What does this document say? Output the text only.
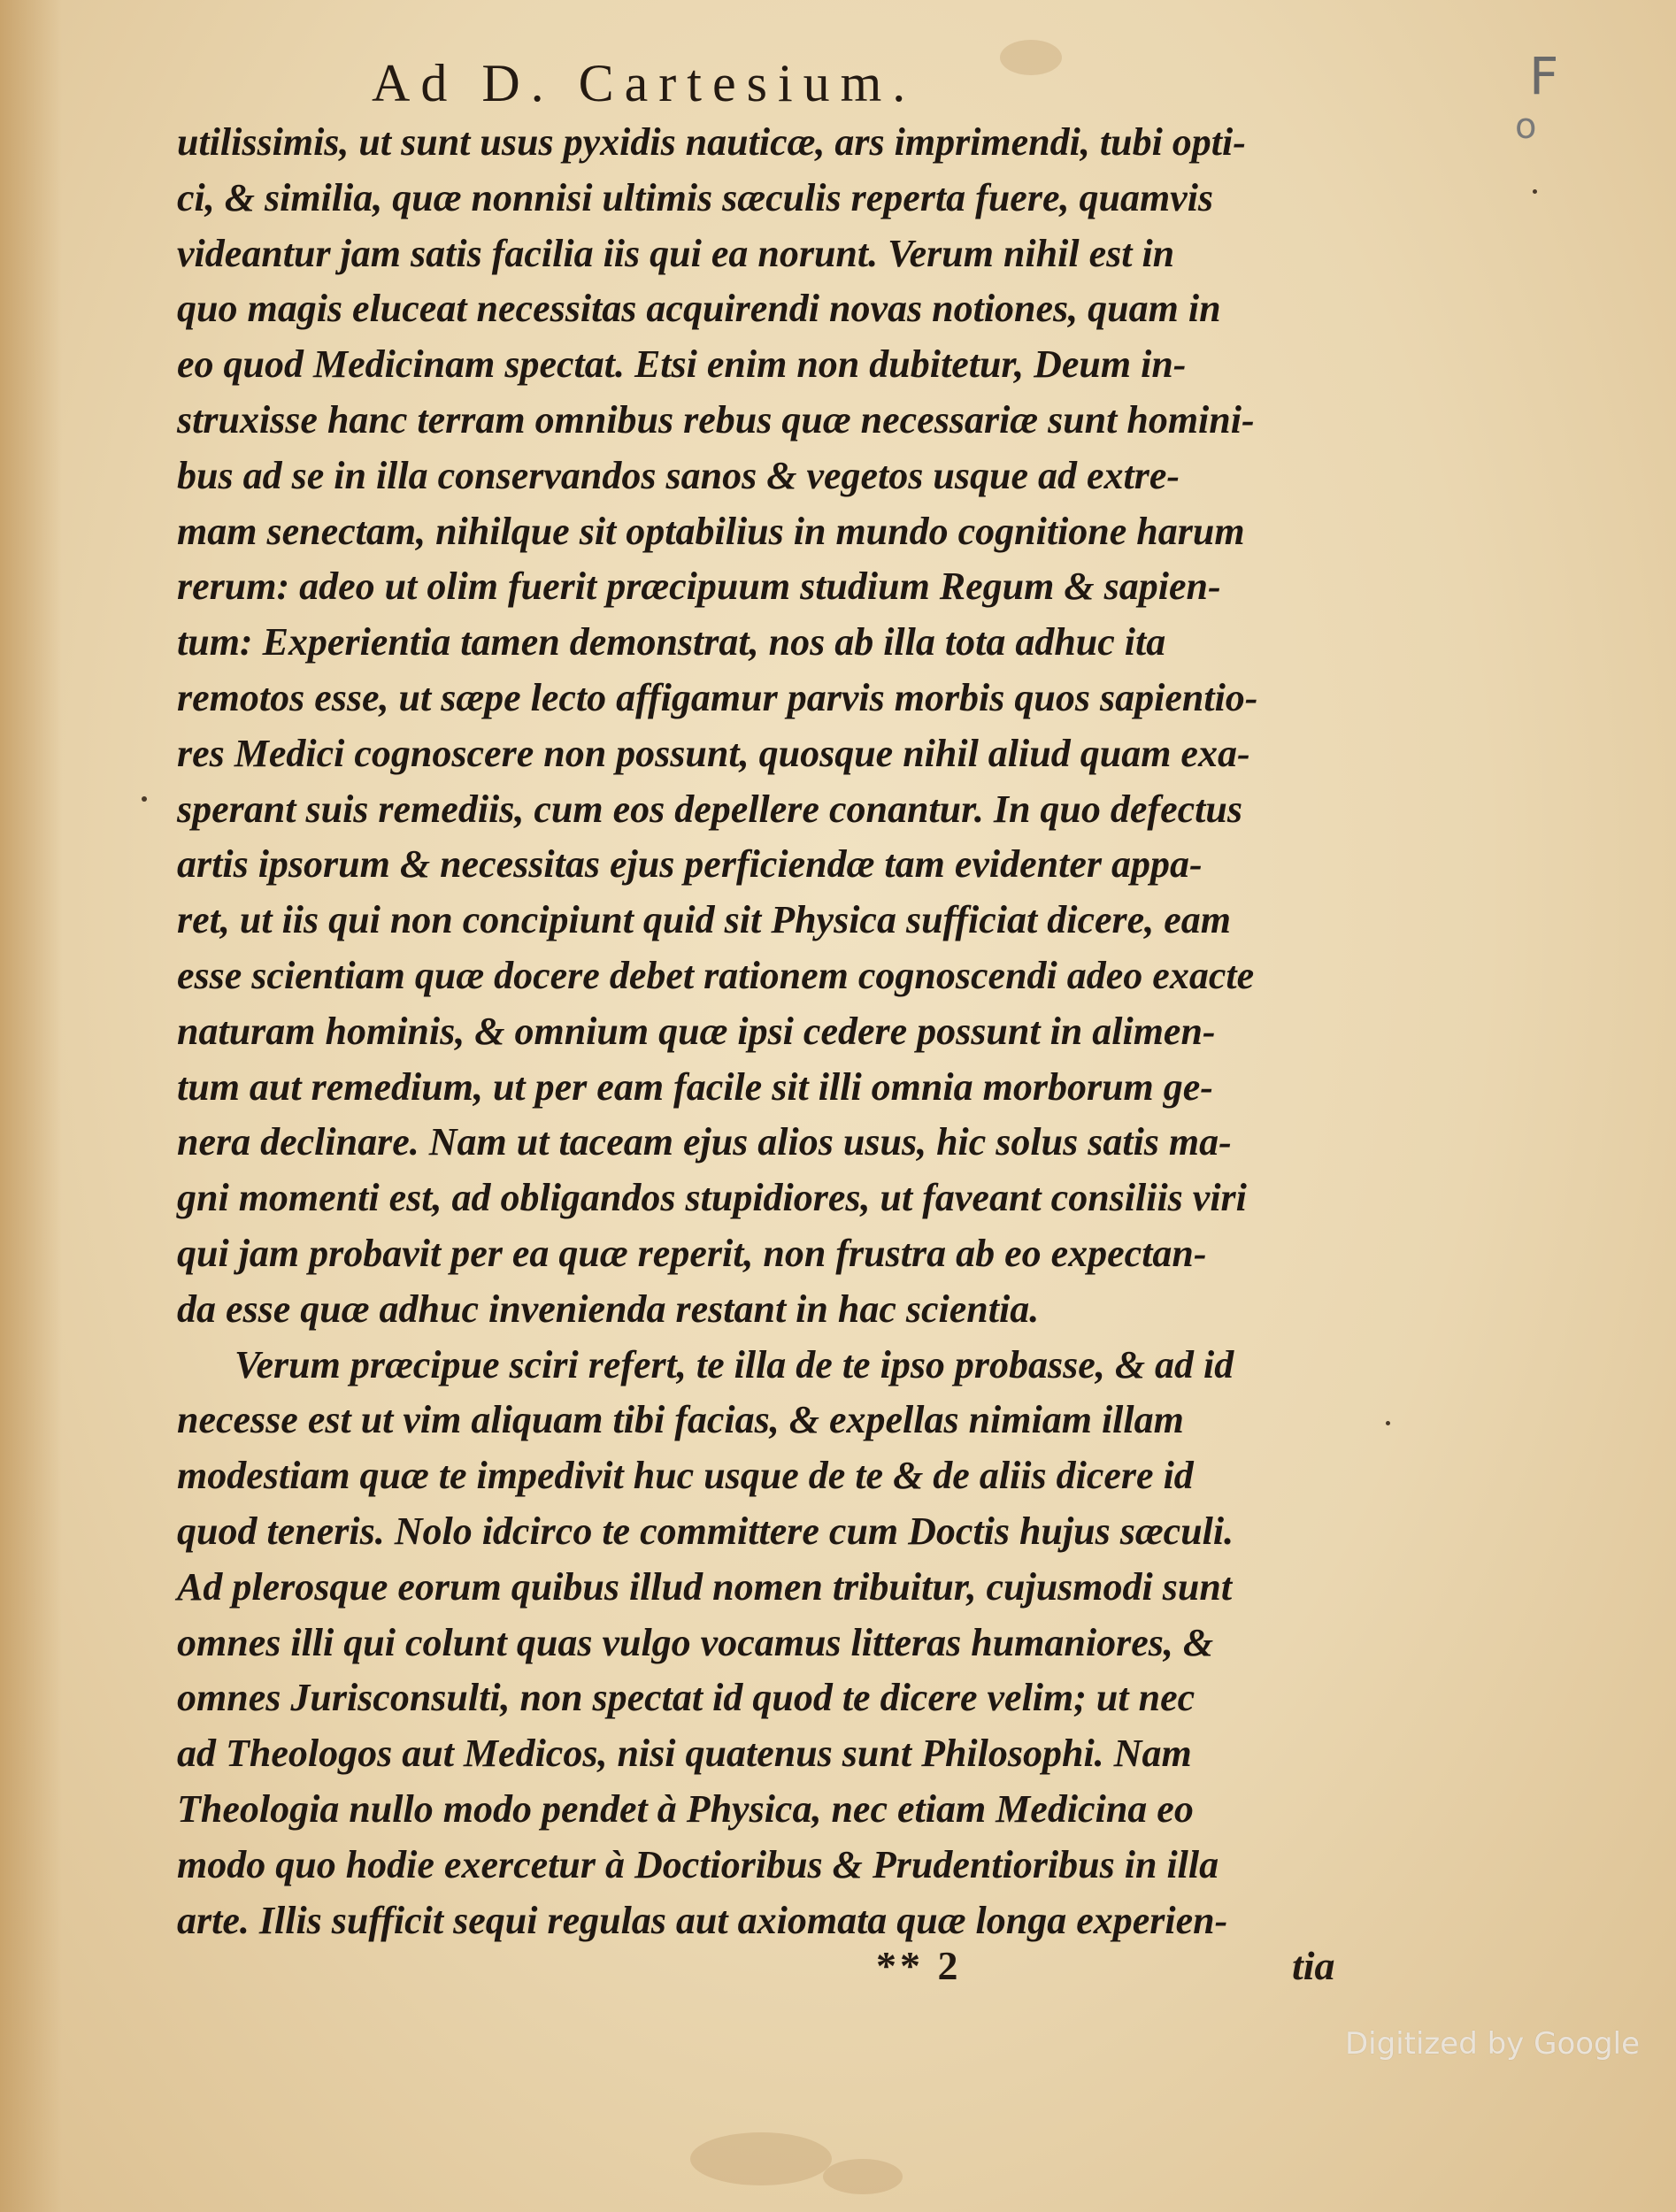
Ad D. Cartesium.	F
o
utilissimis, ut sunt usus pyxidis nauticæ, ars imprimendi, tubi opti-
ci, & similia, quæ nonnisi ultimis sæculis reperta fuere, quamvis
videantur jam satis facilia iis qui ea norunt. Verum nihil est in
quo magis eluceat necessitas acquirendi novas notiones, quam in
eo quod Medicinam spectat. Etsi enim non dubitetur, Deum in-
struxisse hanc terram omnibus rebus quæ necessariæ sunt homini-
bus ad se in illa conservandos sanos & vegetos usque ad extre-
mam senectam, nihilque sit optabilius in mundo cognitione harum
rerum: adeo ut olim fuerit præcipuum studium Regum & sapien-
tum: Experientia tamen demonstrat, nos ab illa tota adhuc ita
remotos esse, ut sæpe lecto affigamur parvis morbis quos sapientio-
res Medici cognoscere non possunt, quosque nihil aliud quam exa-
sperant suis remediis, cum eos depellere conantur. In quo defectus
artis ipsorum & necessitas ejus perficiendæ tam evidenter appa-
ret, ut iis qui non concipiunt quid sit Physica sufficiat dicere, eam
esse scientiam quæ docere debet rationem cognoscendi adeo exacte
naturam hominis, & omnium quæ ipsi cedere possunt in alimen-
tum aut remedium, ut per eam facile sit illi omnia morborum ge-
nera declinare. Nam ut taceam ejus alios usus, hic solus satis ma-
gni momenti est, ad obligandos stupidiores, ut faveant consiliis viri
qui jam probavit per ea quæ reperit, non frustra ab eo expectan-
da esse quæ adhuc invenienda restant in hac scientia.
Verum præcipue sciri refert, te illa de te ipso probasse, & ad id
necesse est ut vim aliquam tibi facias, & expellas nimiam illam
modestiam quæ te impedivit huc usque de te & de aliis dicere id
quod teneris. Nolo idcirco te committere cum Doctis hujus sæculi.
Ad plerosque eorum quibus illud nomen tribuitur, cujusmodi sunt
omnes illi qui colunt quas vulgo vocamus litteras humaniores, &
omnes Jurisconsulti, non spectat id quod te dicere velim; ut nec
ad Theologos aut Medicos, nisi quatenus sunt Philosophi. Nam
Theologia nullo modo pendet à Physica, nec etiam Medicina eo
modo quo hodie exercetur à Doctioribus & Prudentioribus in illa
arte. Illis sufficit sequi regulas aut axiomata quæ longa experien-
** 2	tia
Digitized by Google
